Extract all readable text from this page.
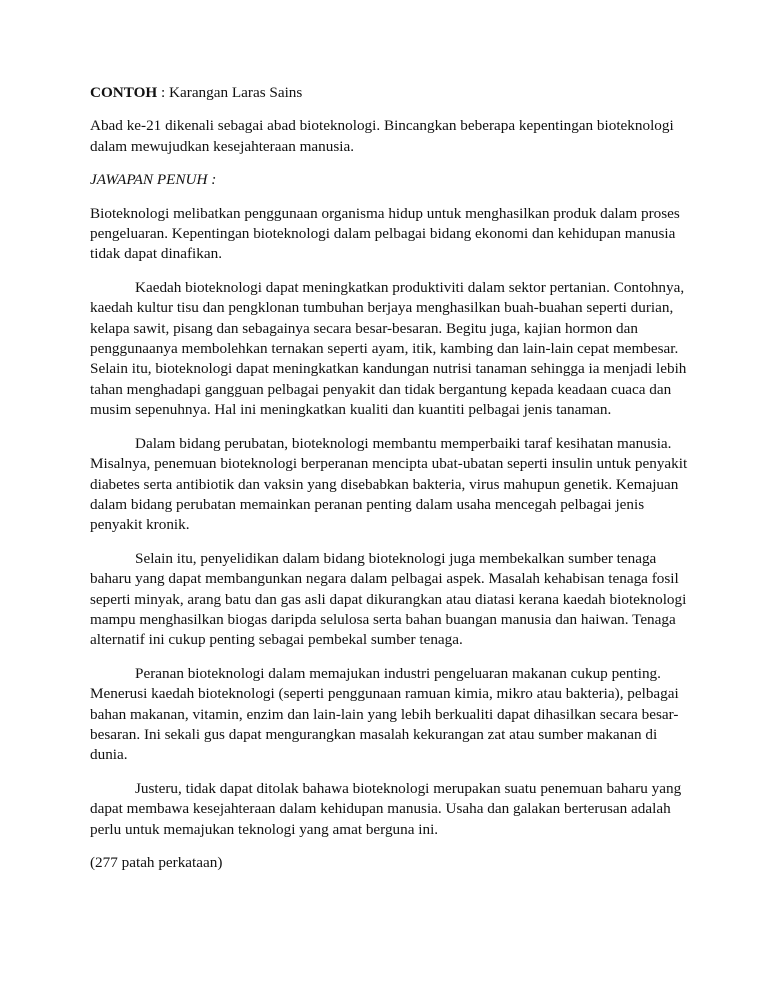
CONTOH : Karangan Laras Sains

Abad ke-21 dikenali sebagai abad bioteknologi. Bincangkan beberapa kepentingan bioteknologi dalam mewujudkan kesejahteraan manusia.

JAWAPAN PENUH :

Bioteknologi melibatkan penggunaan organisma hidup untuk menghasilkan produk dalam proses pengeluaran. Kepentingan bioteknologi dalam pelbagai bidang ekonomi dan kehidupan manusia tidak dapat dinafikan.

Kaedah bioteknologi dapat meningkatkan produktiviti dalam sektor pertanian. Contohnya, kaedah kultur tisu dan pengklonan tumbuhan berjaya menghasilkan buah-buahan seperti durian, kelapa sawit, pisang dan sebagainya secara besar-besaran. Begitu juga, kajian hormon dan penggunaanya membolehkan ternakan seperti ayam, itik, kambing dan lain-lain cepat membesar. Selain itu, bioteknologi dapat meningkatkan kandungan nutrisi tanaman sehingga ia menjadi lebih tahan menghadapi gangguan pelbagai penyakit dan tidak bergantung kepada keadaan cuaca dan musim sepenuhnya. Hal ini meningkatkan kualiti dan kuantiti pelbagai jenis tanaman.

Dalam bidang perubatan, bioteknologi membantu memperbaiki taraf kesihatan manusia. Misalnya, penemuan bioteknologi berperanan mencipta ubat-ubatan seperti insulin untuk penyakit diabetes serta antibiotik dan vaksin yang disebabkan bakteria, virus mahupun genetik. Kemajuan dalam bidang perubatan memainkan peranan penting dalam usaha mencegah pelbagai jenis penyakit kronik.

Selain itu, penyelidikan dalam bidang bioteknologi juga membekalkan sumber tenaga baharu yang dapat membangunkan negara dalam pelbagai aspek. Masalah kehabisan tenaga fosil seperti minyak, arang batu dan gas asli dapat dikurangkan atau diatasi kerana kaedah bioteknologi mampu menghasilkan biogas daripda selulosa serta bahan buangan manusia dan haiwan. Tenaga alternatif ini cukup penting sebagai pembekal sumber tenaga.

Peranan bioteknologi dalam memajukan industri pengeluaran makanan cukup penting. Menerusi kaedah bioteknologi (seperti penggunaan ramuan kimia, mikro atau bakteria), pelbagai bahan makanan, vitamin, enzim dan lain-lain yang lebih berkualiti dapat dihasilkan secara besar-besaran. Ini sekali gus dapat mengurangkan masalah kekurangan zat atau sumber makanan di dunia.

Justeru, tidak dapat ditolak bahawa bioteknologi merupakan suatu penemuan baharu yang dapat membawa kesejahteraan dalam kehidupan manusia. Usaha dan galakan berterusan adalah perlu untuk memajukan teknologi yang amat berguna ini.

(277 patah perkataan)
